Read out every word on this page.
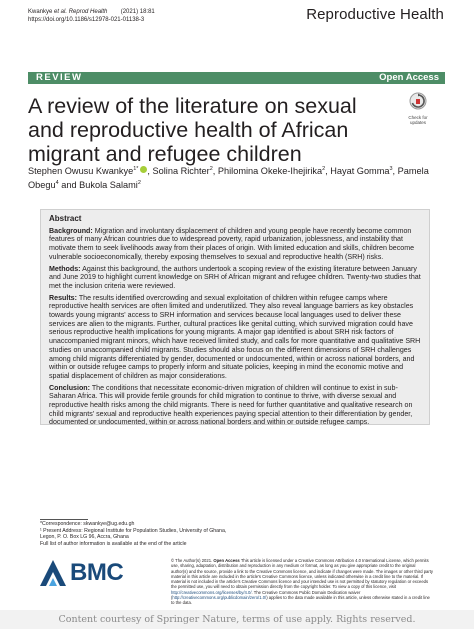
Kwankye et al. Reprod Health        (2021) 18:81
https://doi.org/10.1186/s12978-021-01138-3	Reproductive Health
REVIEW	Open Access
A review of the literature on sexual and reproductive health of African migrant and refugee children
Check for updates
Stephen Owusu Kwankye$^{1*}$ , Solina Richter$^2$, Philomina Okeke-Ihejirika$^2$, Hayat Gomma$^3$, Pamela Obegu$^4$ and Bukola Salami$^2$
Abstract

Background: Migration and involuntary displacement of children and young people have recently become common features of many African countries due to widespread poverty, rapid urbanization, joblessness, and instability that motivate them to seek livelihoods away from their places of origin. With limited education and skills, children become vulnerable socioeconomically, thereby exposing themselves to sexual and reproductive health (SRH) risks.

Methods: Against this background, the authors undertook a scoping review of the existing literature between January and June 2019 to highlight current knowledge on SRH of African migrant and refugee children. Twenty-two studies that met the inclusion criteria were reviewed.

Results: The results identified overcrowding and sexual exploitation of children within refugee camps where reproductive health services are often limited and underutilized. They also reveal language barriers as key obstacles towards young migrants' access to SRH information and services because local languages used to deliver these services are alien to the migrants. Further, cultural practices like genital cutting, which survived migration could have serious reproductive health implications for young migrants. A major gap identified is about SRH risk factors of unaccompanied migrant minors, which have received limited study, and calls for more quantitative and qualitative SRH studies on unaccompanied child migrants. Studies should also focus on the different dimensions of SRH challenges among child migrants differentiated by gender, documented or undocumented, within or across national borders, and within or outside refugee camps to properly inform and situate policies, keeping in mind the economic motive and spatial displacement of children as major considerations.

Conclusion: The conditions that necessitate economic-driven migration of children will continue to exist in sub-Saharan Africa. This will provide fertile grounds for child migration to continue to thrive, with diverse sexual and reproductive health risks among the child migrants. There is need for further quantitative and qualitative research on child migrants' sexual and reproductive health experiences paying special attention to their differentiation by gender, documented or undocumented, within or across national borders and within or outside refugee camps.

*Correspondence: skwankye@ug.edu.gh
¹ Present Address: Regional Institute for Population Studies, University of Ghana, Legon, P. O. Box LG 96, Accra, Ghana
Full list of author information is available at the end of the article
BMC	© The Author(s) 2021. Open Access This article is licensed under a Creative Commons Attribution 4.0 International License, which permits use, sharing, adaptation, distribution and reproduction in any medium or format, as long as you give appropriate credit to the original author(s) and the source, provide a link to the Creative Commons licence, and indicate if changes were made. The images or other third party material in this article are included in the article's Creative Commons licence, unless indicated otherwise in a credit line to the material. If material is not included in the article's Creative Commons licence and your intended use is not permitted by statutory regulation or exceeds the permitted use, you will need to obtain permission directly from the copyright holder. To view a copy of this licence, visit http://creativecommons.org/licenses/by/4.0/. The Creative Commons Public Domain Dedication waiver (http://creativecommons.org/publicdomain/zero/1.0/) applies to the data made available in this article, unless otherwise stated in a credit line to the data.
Content courtesy of Springer Nature, terms of use apply. Rights reserved.
